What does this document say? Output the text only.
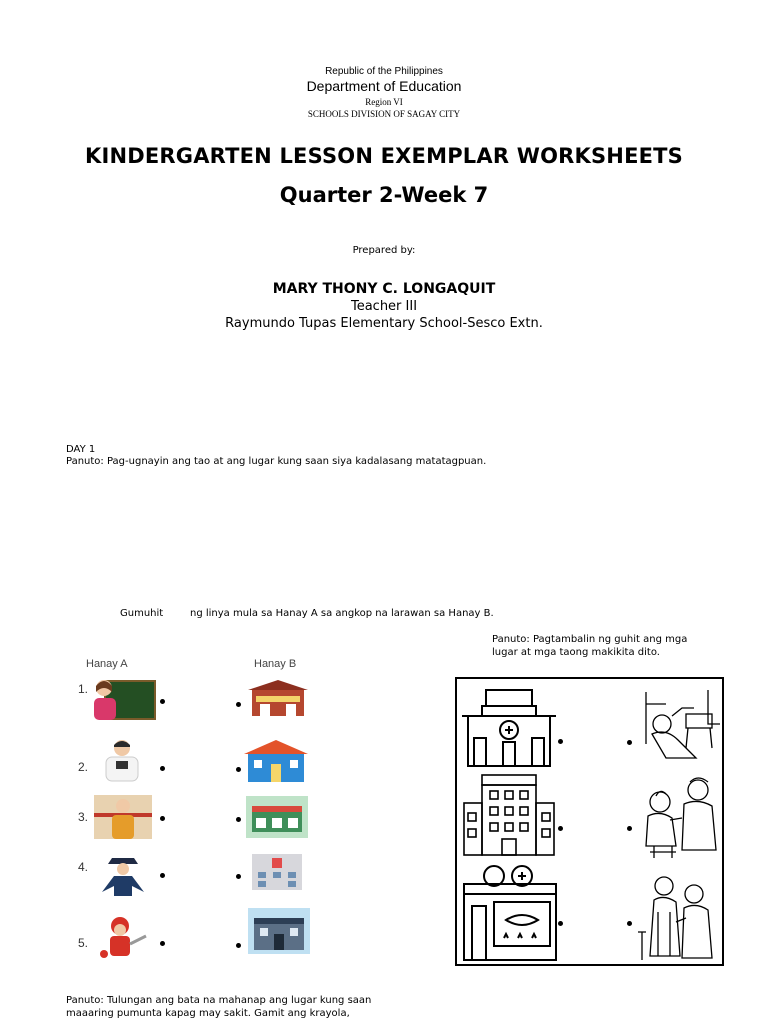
Republic of the Philippines
Department of Education
Region VI
SCHOOLS DIVISION OF SAGAY CITY
KINDERGARTEN LESSON EXEMPLAR WORKSHEETS
Quarter 2-Week 7
Prepared by:
MARY THONY C. LONGAQUIT
Teacher III
Raymundo Tupas Elementary School-Sesco Extn.
DAY 1
Panuto: Pag-ugnayin ang tao at ang lugar kung saan siya kadalasang matatagpuan.
Gumuhit	ng linya mula sa Hanay A sa angkop na larawan sa Hanay B.
Hanay A	Hanay B
1.
2.
3.
4.
5.
Panuto: Pagtambalin ng guhit ang mga lugar at mga taong makikita dito.
Panuto: Tulungan ang bata na mahanap ang lugar kung saan maaaring pumunta kapag may sakit. Gamit ang krayola,
